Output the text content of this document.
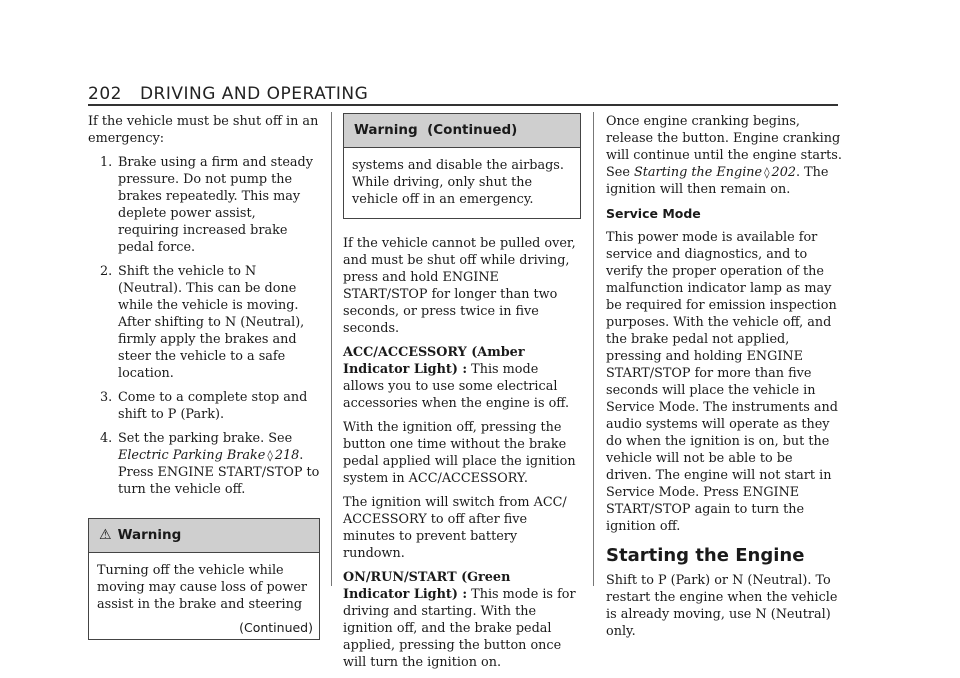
202 DRIVING AND OPERATING

If the vehicle must be shut off in an emergency:

1. Brake using a firm and steady pressure. Do not pump the brakes repeatedly. This may deplete power assist, requiring increased brake pedal force.
2. Shift the vehicle to N (Neutral). This can be done while the vehicle is moving. After shifting to N (Neutral), firmly apply the brakes and steer the vehicle to a safe location.
3. Come to a complete stop and shift to P (Park).
4. Set the parking brake. See Electric Parking Brake ◊ 218. Press ENGINE START/STOP to turn the vehicle off.
⚠ Warning
Turning off the vehicle while moving may cause loss of power assist in the brake and steering
(Continued)
Warning  (Continued)
systems and disable the airbags. While driving, only shut the vehicle off in an emergency.

If the vehicle cannot be pulled over, and must be shut off while driving, press and hold ENGINE START/STOP for longer than two seconds, or press twice in five seconds.

ACC/ACCESSORY (Amber Indicator Light) : This mode allows you to use some electrical accessories when the engine is off.

With the ignition off, pressing the button one time without the brake pedal applied will place the ignition system in ACC/ACCESSORY.

The ignition will switch from ACC/ ACCESSORY to off after five minutes to prevent battery rundown.

ON/RUN/START (Green Indicator Light) : This mode is for driving and starting. With the ignition off, and the brake pedal applied, pressing the button once will turn the ignition on.

Once engine cranking begins, release the button. Engine cranking will continue until the engine starts. See Starting the Engine ◊ 202. The ignition will then remain on.

Service Mode

This power mode is available for service and diagnostics, and to verify the proper operation of the malfunction indicator lamp as may be required for emission inspection purposes. With the vehicle off, and the brake pedal not applied, pressing and holding ENGINE START/STOP for more than five seconds will place the vehicle in Service Mode. The instruments and audio systems will operate as they do when the ignition is on, but the vehicle will not be able to be driven. The engine will not start in Service Mode. Press ENGINE START/STOP again to turn the ignition off.

Starting the Engine

Shift to P (Park) or N (Neutral). To restart the engine when the vehicle is already moving, use N (Neutral) only.
